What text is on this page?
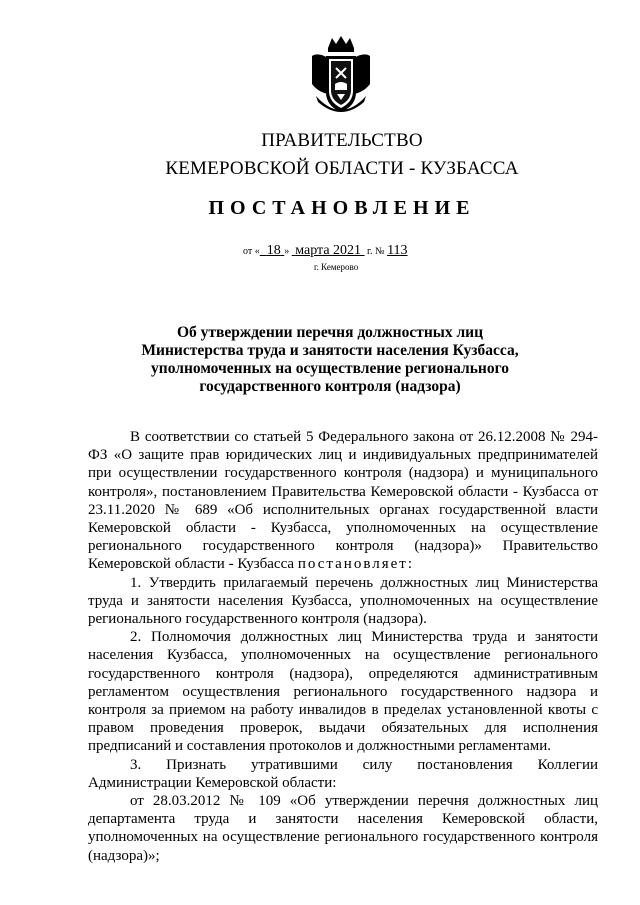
ПРАВИТЕЛЬСТВО
КЕМЕРОВСКОЙ ОБЛАСТИ - КУЗБАССА
ПОСТАНОВЛЕНИЕ
от « 18 » марта 2021 г. № 113
г. Кемерово
Об утверждении перечня должностных лиц
Министерства труда и занятости населения Кузбасса,
уполномоченных на осуществление регионального
государственного контроля (надзора)

В соответствии со статьей 5 Федерального закона от 26.12.2008 № 294-ФЗ «О защите прав юридических лиц и индивидуальных предпринимателей при осуществлении государственного контроля (надзора) и муниципального контроля», постановлением Правительства Кемеровской области - Кузбасса от 23.11.2020 № 689 «Об исполнительных органах государственной власти Кемеровской области - Кузбасса, уполномоченных на осуществление регионального государственного контроля (надзора)» Правительство Кемеровской области - Кузбасса постановляет:

1. Утвердить прилагаемый перечень должностных лиц Министерства труда и занятости населения Кузбасса, уполномоченных на осуществление регионального государственного контроля (надзора).

2. Полномочия должностных лиц Министерства труда и занятости населения Кузбасса, уполномоченных на осуществление регионального государственного контроля (надзора), определяются административным регламентом осуществления регионального государственного надзора и контроля за приемом на работу инвалидов в пределах установленной квоты с правом проведения проверок, выдачи обязательных для исполнения предписаний и составления протоколов и должностными регламентами.

3. Признать утратившими силу постановления Коллегии Администрации Кемеровской области:

от 28.03.2012 № 109 «Об утверждении перечня должностных лиц департамента труда и занятости населения Кемеровской области, уполномоченных на осуществление регионального государственного контроля (надзора)»;
